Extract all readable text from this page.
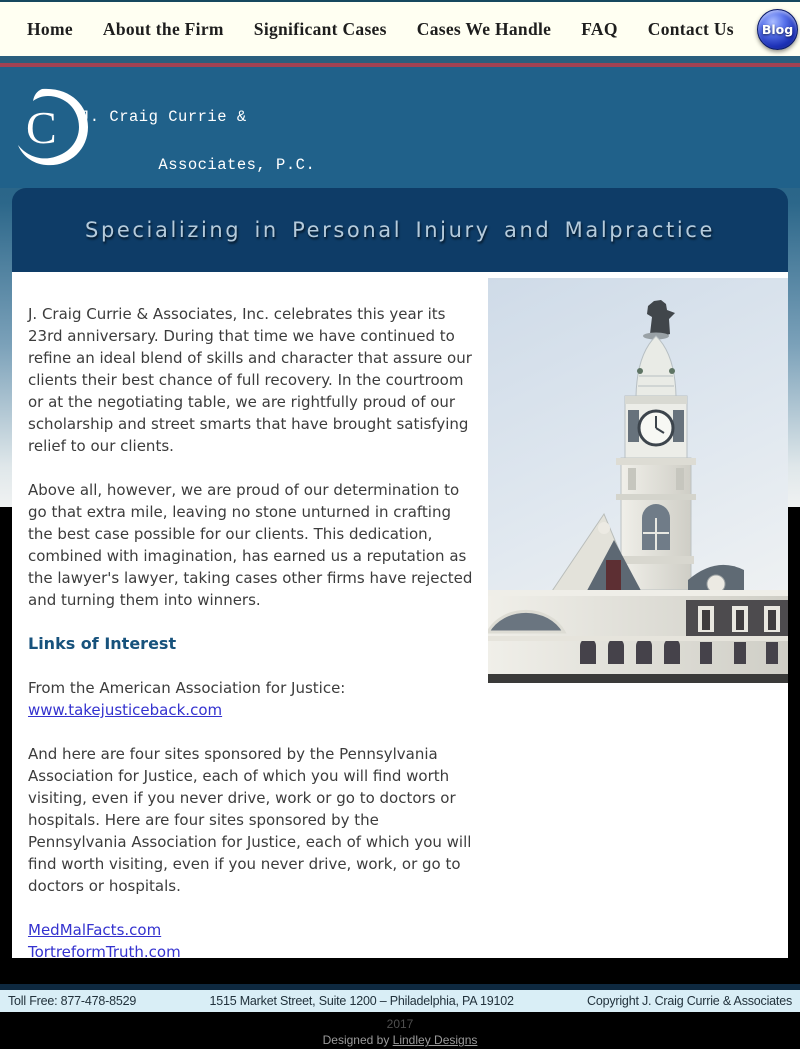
Home About the Firm Significant Cases Cases We Handle FAQ Contact Us Blog
C J. Craig Currie &

Associates, P.C.
Specializing in Personal Injury and Malpractice

J. Craig Currie & Associates, Inc. celebrates this year its 23rd anniversary. During that time we have continued to refine an ideal blend of skills and character that assure our clients their best chance of full recovery. In the courtroom or at the negotiating table, we are rightfully proud of our scholarship and street smarts that have brought satisfying relief to our clients.

Above all, however, we are proud of our determination to go that extra mile, leaving no stone unturned in crafting the best case possible for our clients. This dedication, combined with imagination, has earned us a reputation as the lawyer's lawyer, taking cases other firms have rejected and turning them into winners.

Links of Interest

From the American Association for Justice:

www.takejusticeback.com

And here are four sites sponsored by the Pennsylvania Association for Justice, each of which you will find worth visiting, even if you never drive, work or go to doctors or hospitals. Here are four sites sponsored by the Pennsylvania Association for Justice, each of which you will find worth visiting, even if you never drive, work, or go to doctors or hospitals.

MedMalFacts.com
TortreformTruth.com

Toll Free: 877-478-8529	1515 Market Street, Suite 1200 – Philadelphia, PA 19102	Copyright J. Craig Currie & Associates
2017
Designed by Lindley Designs
